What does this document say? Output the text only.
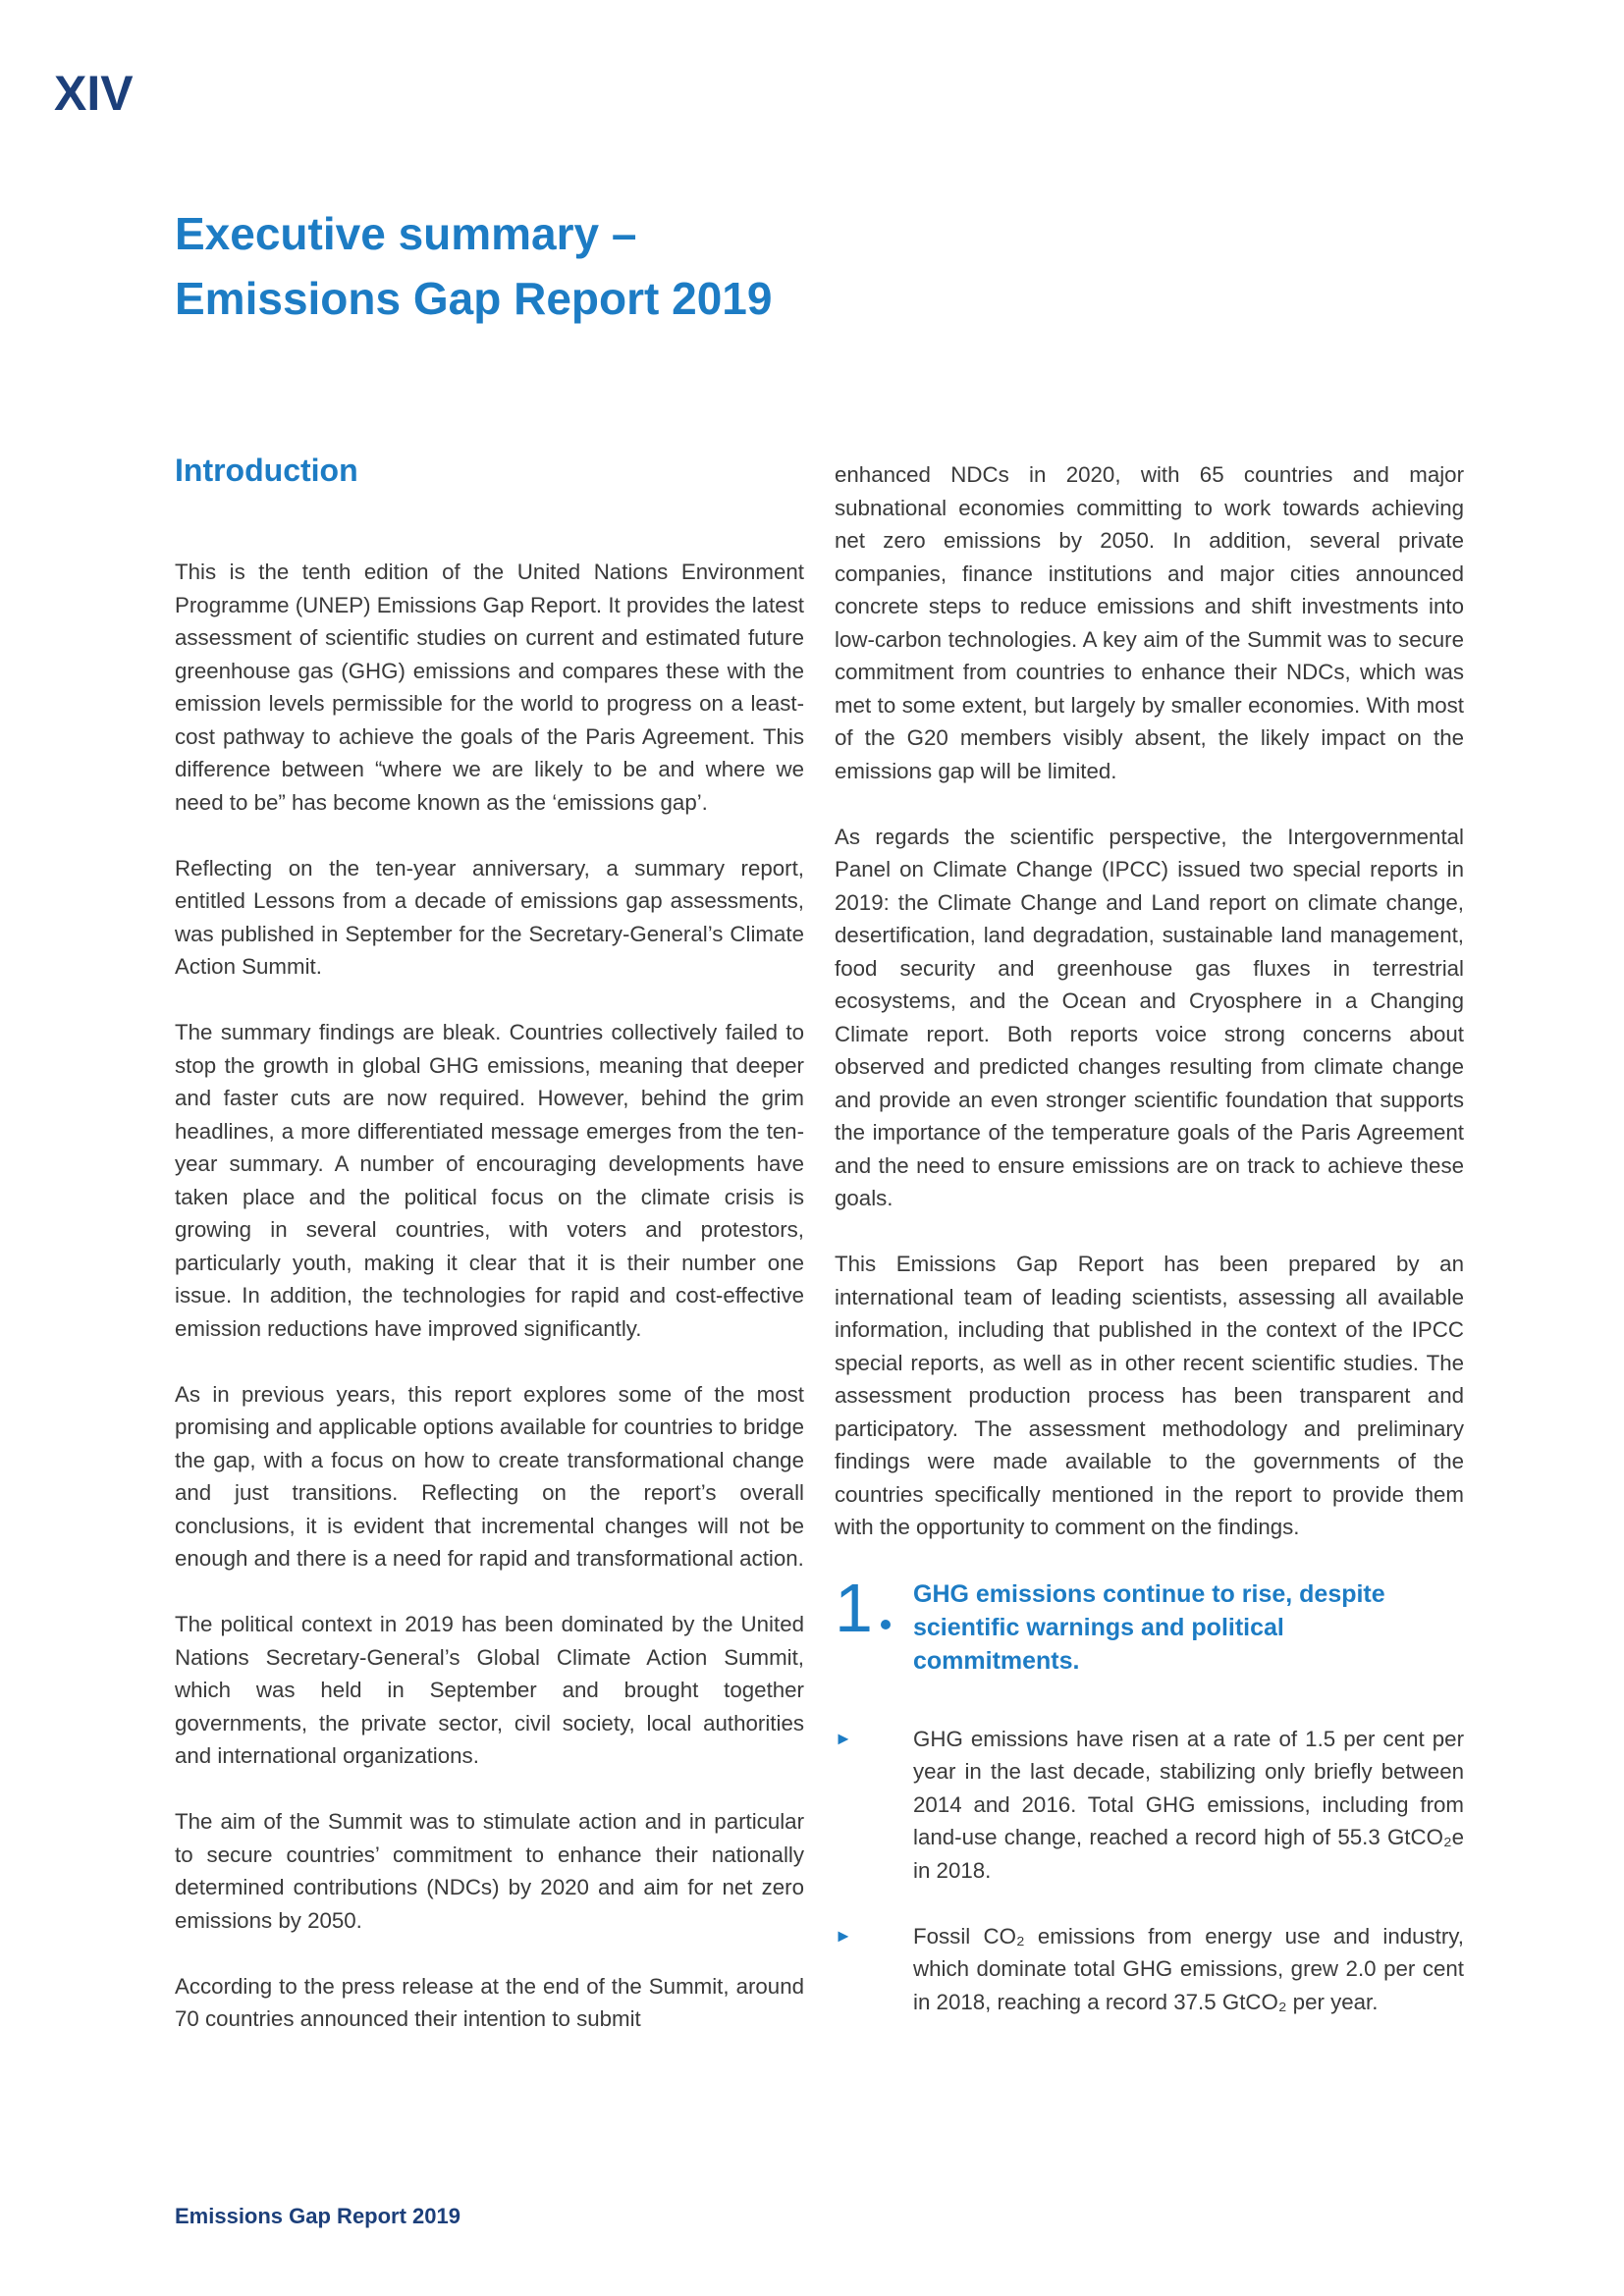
XIV
Executive summary –
Emissions Gap Report 2019
Introduction

This is the tenth edition of the United Nations Environment Programme (UNEP) Emissions Gap Report. It provides the latest assessment of scientific studies on current and estimated future greenhouse gas (GHG) emissions and compares these with the emission levels permissible for the world to progress on a least-cost pathway to achieve the goals of the Paris Agreement. This difference between “where we are likely to be and where we need to be” has become known as the ‘emissions gap’.

Reflecting on the ten-year anniversary, a summary report, entitled Lessons from a decade of emissions gap assessments, was published in September for the Secretary-General’s Climate Action Summit.

The summary findings are bleak. Countries collectively failed to stop the growth in global GHG emissions, meaning that deeper and faster cuts are now required. However, behind the grim headlines, a more differentiated message emerges from the ten-year summary. A number of encouraging developments have taken place and the political focus on the climate crisis is growing in several countries, with voters and protestors, particularly youth, making it clear that it is their number one issue. In addition, the technologies for rapid and cost-effective emission reductions have improved significantly.

As in previous years, this report explores some of the most promising and applicable options available for countries to bridge the gap, with a focus on how to create transformational change and just transitions. Reflecting on the report’s overall conclusions, it is evident that incremental changes will not be enough and there is a need for rapid and transformational action.

The political context in 2019 has been dominated by the United Nations Secretary-General’s Global Climate Action Summit, which was held in September and brought together governments, the private sector, civil society, local authorities and international organizations.

The aim of the Summit was to stimulate action and in particular to secure countries’ commitment to enhance their nationally determined contributions (NDCs) by 2020 and aim for net zero emissions by 2050.

According to the press release at the end of the Summit, around 70 countries announced their intention to submit

enhanced NDCs in 2020, with 65 countries and major subnational economies committing to work towards achieving net zero emissions by 2050. In addition, several private companies, finance institutions and major cities announced concrete steps to reduce emissions and shift investments into low-carbon technologies. A key aim of the Summit was to secure commitment from countries to enhance their NDCs, which was met to some extent, but largely by smaller economies. With most of the G20 members visibly absent, the likely impact on the emissions gap will be limited.

As regards the scientific perspective, the Intergovernmental Panel on Climate Change (IPCC) issued two special reports in 2019: the Climate Change and Land report on climate change, desertification, land degradation, sustainable land management, food security and greenhouse gas fluxes in terrestrial ecosystems, and the Ocean and Cryosphere in a Changing Climate report. Both reports voice strong concerns about observed and predicted changes resulting from climate change and provide an even stronger scientific foundation that supports the importance of the temperature goals of the Paris Agreement and the need to ensure emissions are on track to achieve these goals.

This Emissions Gap Report has been prepared by an international team of leading scientists, assessing all available information, including that published in the context of the IPCC special reports, as well as in other recent scientific studies. The assessment production process has been transparent and participatory. The assessment methodology and preliminary findings were made available to the governments of the countries specifically mentioned in the report to provide them with the opportunity to comment on the findings.

1	GHG emissions continue to rise, despite scientific warnings and political commitments.
►	GHG emissions have risen at a rate of 1.5 per cent per year in the last decade, stabilizing only briefly between 2014 and 2016. Total GHG emissions, including from land-use change, reached a record high of 55.3 GtCO₂e in 2018.

►	Fossil CO₂ emissions from energy use and industry, which dominate total GHG emissions, grew 2.0 per cent in 2018, reaching a record 37.5 GtCO₂ per year.

Emissions Gap Report 2019
